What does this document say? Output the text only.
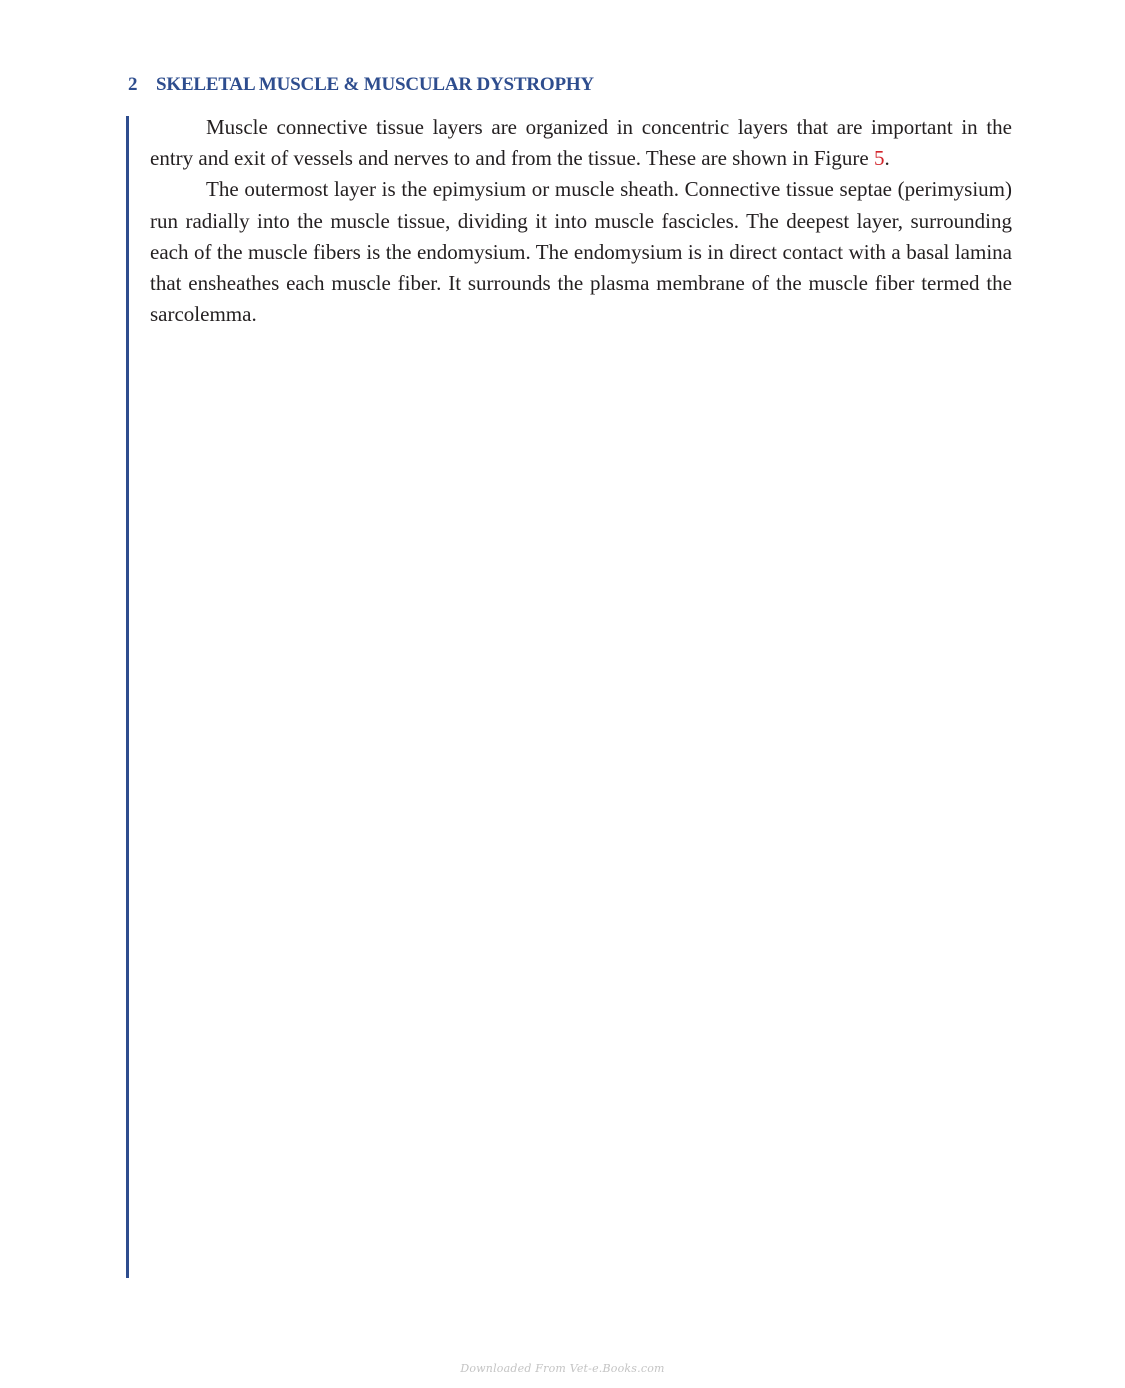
2 SKELETAL MUSCLE & MUSCULAR DYSTROPHY

Muscle connective tissue layers are organized in concentric layers that are important in the entry and exit of vessels and nerves to and from the tissue. These are shown in Figure 5.

The outermost layer is the epimysium or muscle sheath. Connective tissue septae (perimysium) run radially into the muscle tissue, dividing it into muscle fascicles. The deepest layer, surrounding each of the muscle fibers is the endomysium. The endomysium is in direct contact with a basal lamina that ensheathes each muscle fiber. It surrounds the plasma membrane of the muscle fiber termed the sarcolemma.

Downloaded From Vet-e.Books.com
